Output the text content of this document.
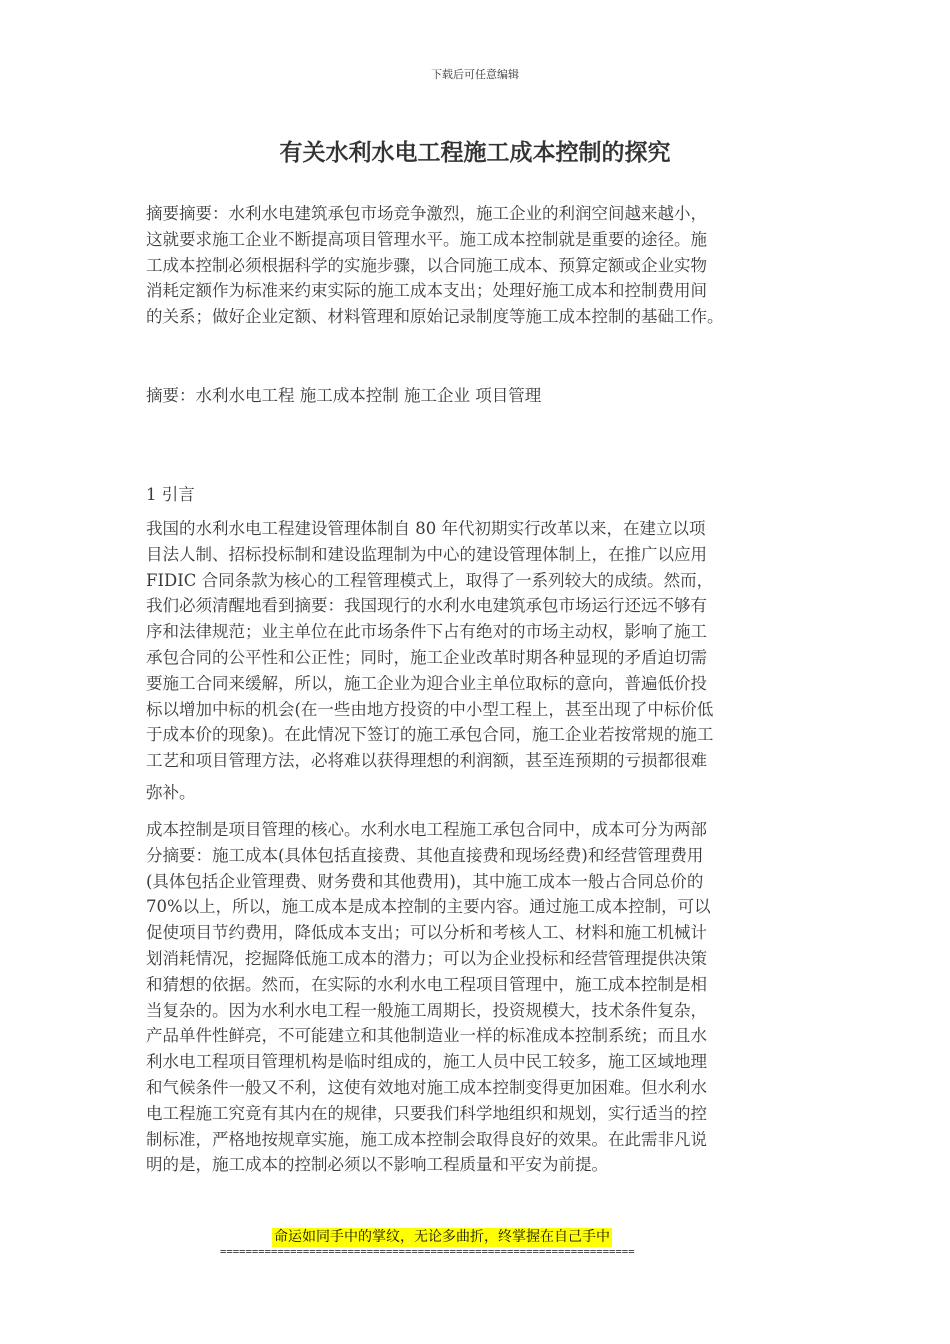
下载后可任意编辑
有关水利水电工程施工成本控制的探究
摘要摘要：水利水电建筑承包市场竞争激烈，施工企业的利润空间越来越小，
这就要求施工企业不断提高项目管理水平。施工成本控制就是重要的途径。施
工成本控制必须根据科学的实施步骤，以合同施工成本、预算定额或企业实物
消耗定额作为标准来约束实际的施工成本支出；处理好施工成本和控制费用间
的关系；做好企业定额、材料管理和原始记录制度等施工成本控制的基础工作。
摘要：水利水电工程 施工成本控制 施工企业 项目管理
1 引言
我国的水利水电工程建设管理体制自 80 年代初期实行改革以来，在建立以项
目法人制、招标投标制和建设监理制为中心的建设管理体制上，在推广以应用
FIDIC 合同条款为核心的工程管理模式上，取得了一系列较大的成绩。然而，
我们必须清醒地看到摘要：我国现行的水利水电建筑承包市场运行还远不够有
序和法律规范；业主单位在此市场条件下占有绝对的市场主动权，影响了施工
承包合同的公平性和公正性；同时，施工企业改革时期各种显现的矛盾迫切需
要施工合同来缓解，所以，施工企业为迎合业主单位取标的意向，普遍低价投
标以增加中标的机会(在一些由地方投资的中小型工程上，甚至出现了中标价低
于成本价的现象)。在此情况下签订的施工承包合同，施工企业若按常规的施工
工艺和项目管理方法，必将难以获得理想的利润额，甚至连预期的亏损都很难
弥补。
成本控制是项目管理的核心。水利水电工程施工承包合同中，成本可分为两部
分摘要：施工成本(具体包括直接费、其他直接费和现场经费)和经营管理费用
(具体包括企业管理费、财务费和其他费用)，其中施工成本一般占合同总价的
70%以上，所以，施工成本是成本控制的主要内容。通过施工成本控制，可以
促使项目节约费用，降低成本支出；可以分析和考核人工、材料和施工机械计
划消耗情况，挖掘降低施工成本的潜力；可以为企业投标和经营管理提供决策
和猜想的依据。然而，在实际的水利水电工程项目管理中，施工成本控制是相
当复杂的。因为水利水电工程一般施工周期长，投资规模大，技术条件复杂，
产品单件性鲜亮，不可能建立和其他制造业一样的标准成本控制系统；而且水
利水电工程项目管理机构是临时组成的，施工人员中民工较多，施工区域地理
和气候条件一般又不利，这使有效地对施工成本控制变得更加困难。但水利水
电工程施工究竟有其内在的规律，只要我们科学地组织和规划，实行适当的控
制标准，严格地按规章实施，施工成本控制会取得良好的效果。在此需非凡说
明的是，施工成本的控制必须以不影响工程质量和平安为前提。
命运如同手中的掌纹，无论多曲折，终掌握在自己手中
=================================================================
